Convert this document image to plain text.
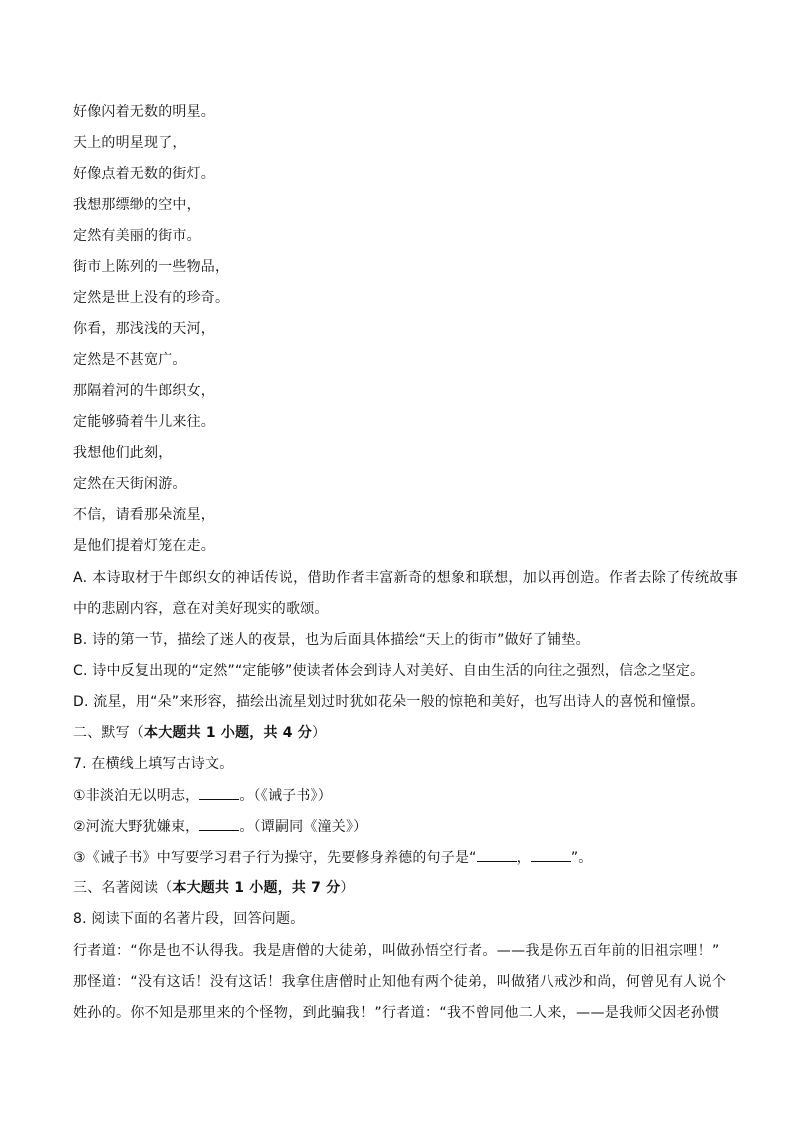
好像闪着无数的明星。
天上的明星现了，
好像点着无数的街灯。
我想那缥缈的空中，
定然有美丽的街市。
街市上陈列的一些物品，
定然是世上没有的珍奇。
你看，那浅浅的天河，
定然是不甚宽广。
那隔着河的牛郎织女，
定能够骑着牛儿来往。
我想他们此刻，
定然在天街闲游。
不信，请看那朵流星，
是他们提着灯笼在走。
A. 本诗取材于牛郎织女的神话传说，借助作者丰富新奇的想象和联想，加以再创造。作者去除了传统故事
中的悲剧内容，意在对美好现实的歌颂。
B. 诗的第一节，描绘了迷人的夜景，也为后面具体描绘“天上的街市”做好了铺垫。
C. 诗中反复出现的“定然”“定能够”使读者体会到诗人对美好、自由生活的向往之强烈，信念之坚定。
D. 流星，用“朵”来形容，描绘出流星划过时犹如花朵一般的惊艳和美好，也写出诗人的喜悦和憧憬。
二、默写（本大题共 1 小题，共 4 分）
7. 在横线上填写古诗文。
①非淡泊无以明志，	。（《诫子书》）
②河流大野犹嫌束，	。（谭嗣同《潼关》）
③《诫子书》中写要学习君子行为操守，先要修身养德的句子是“	，	”。
三、名著阅读（本大题共 1 小题，共 7 分）
8. 阅读下面的名著片段，回答问题。
行者道：“你是也不认得我。我是唐僧的大徒弟，叫做孙悟空行者。——我是你五百年前的旧祖宗哩！”
那怪道：“没有这话！没有这话！我拿住唐僧时止知他有两个徒弟，叫做猪八戒沙和尚，何曾见有人说个
姓孙的。你不知是那里来的个怪物，到此骗我！”行者道：“我不曾同他二人来，——是我师父因老孙惯
